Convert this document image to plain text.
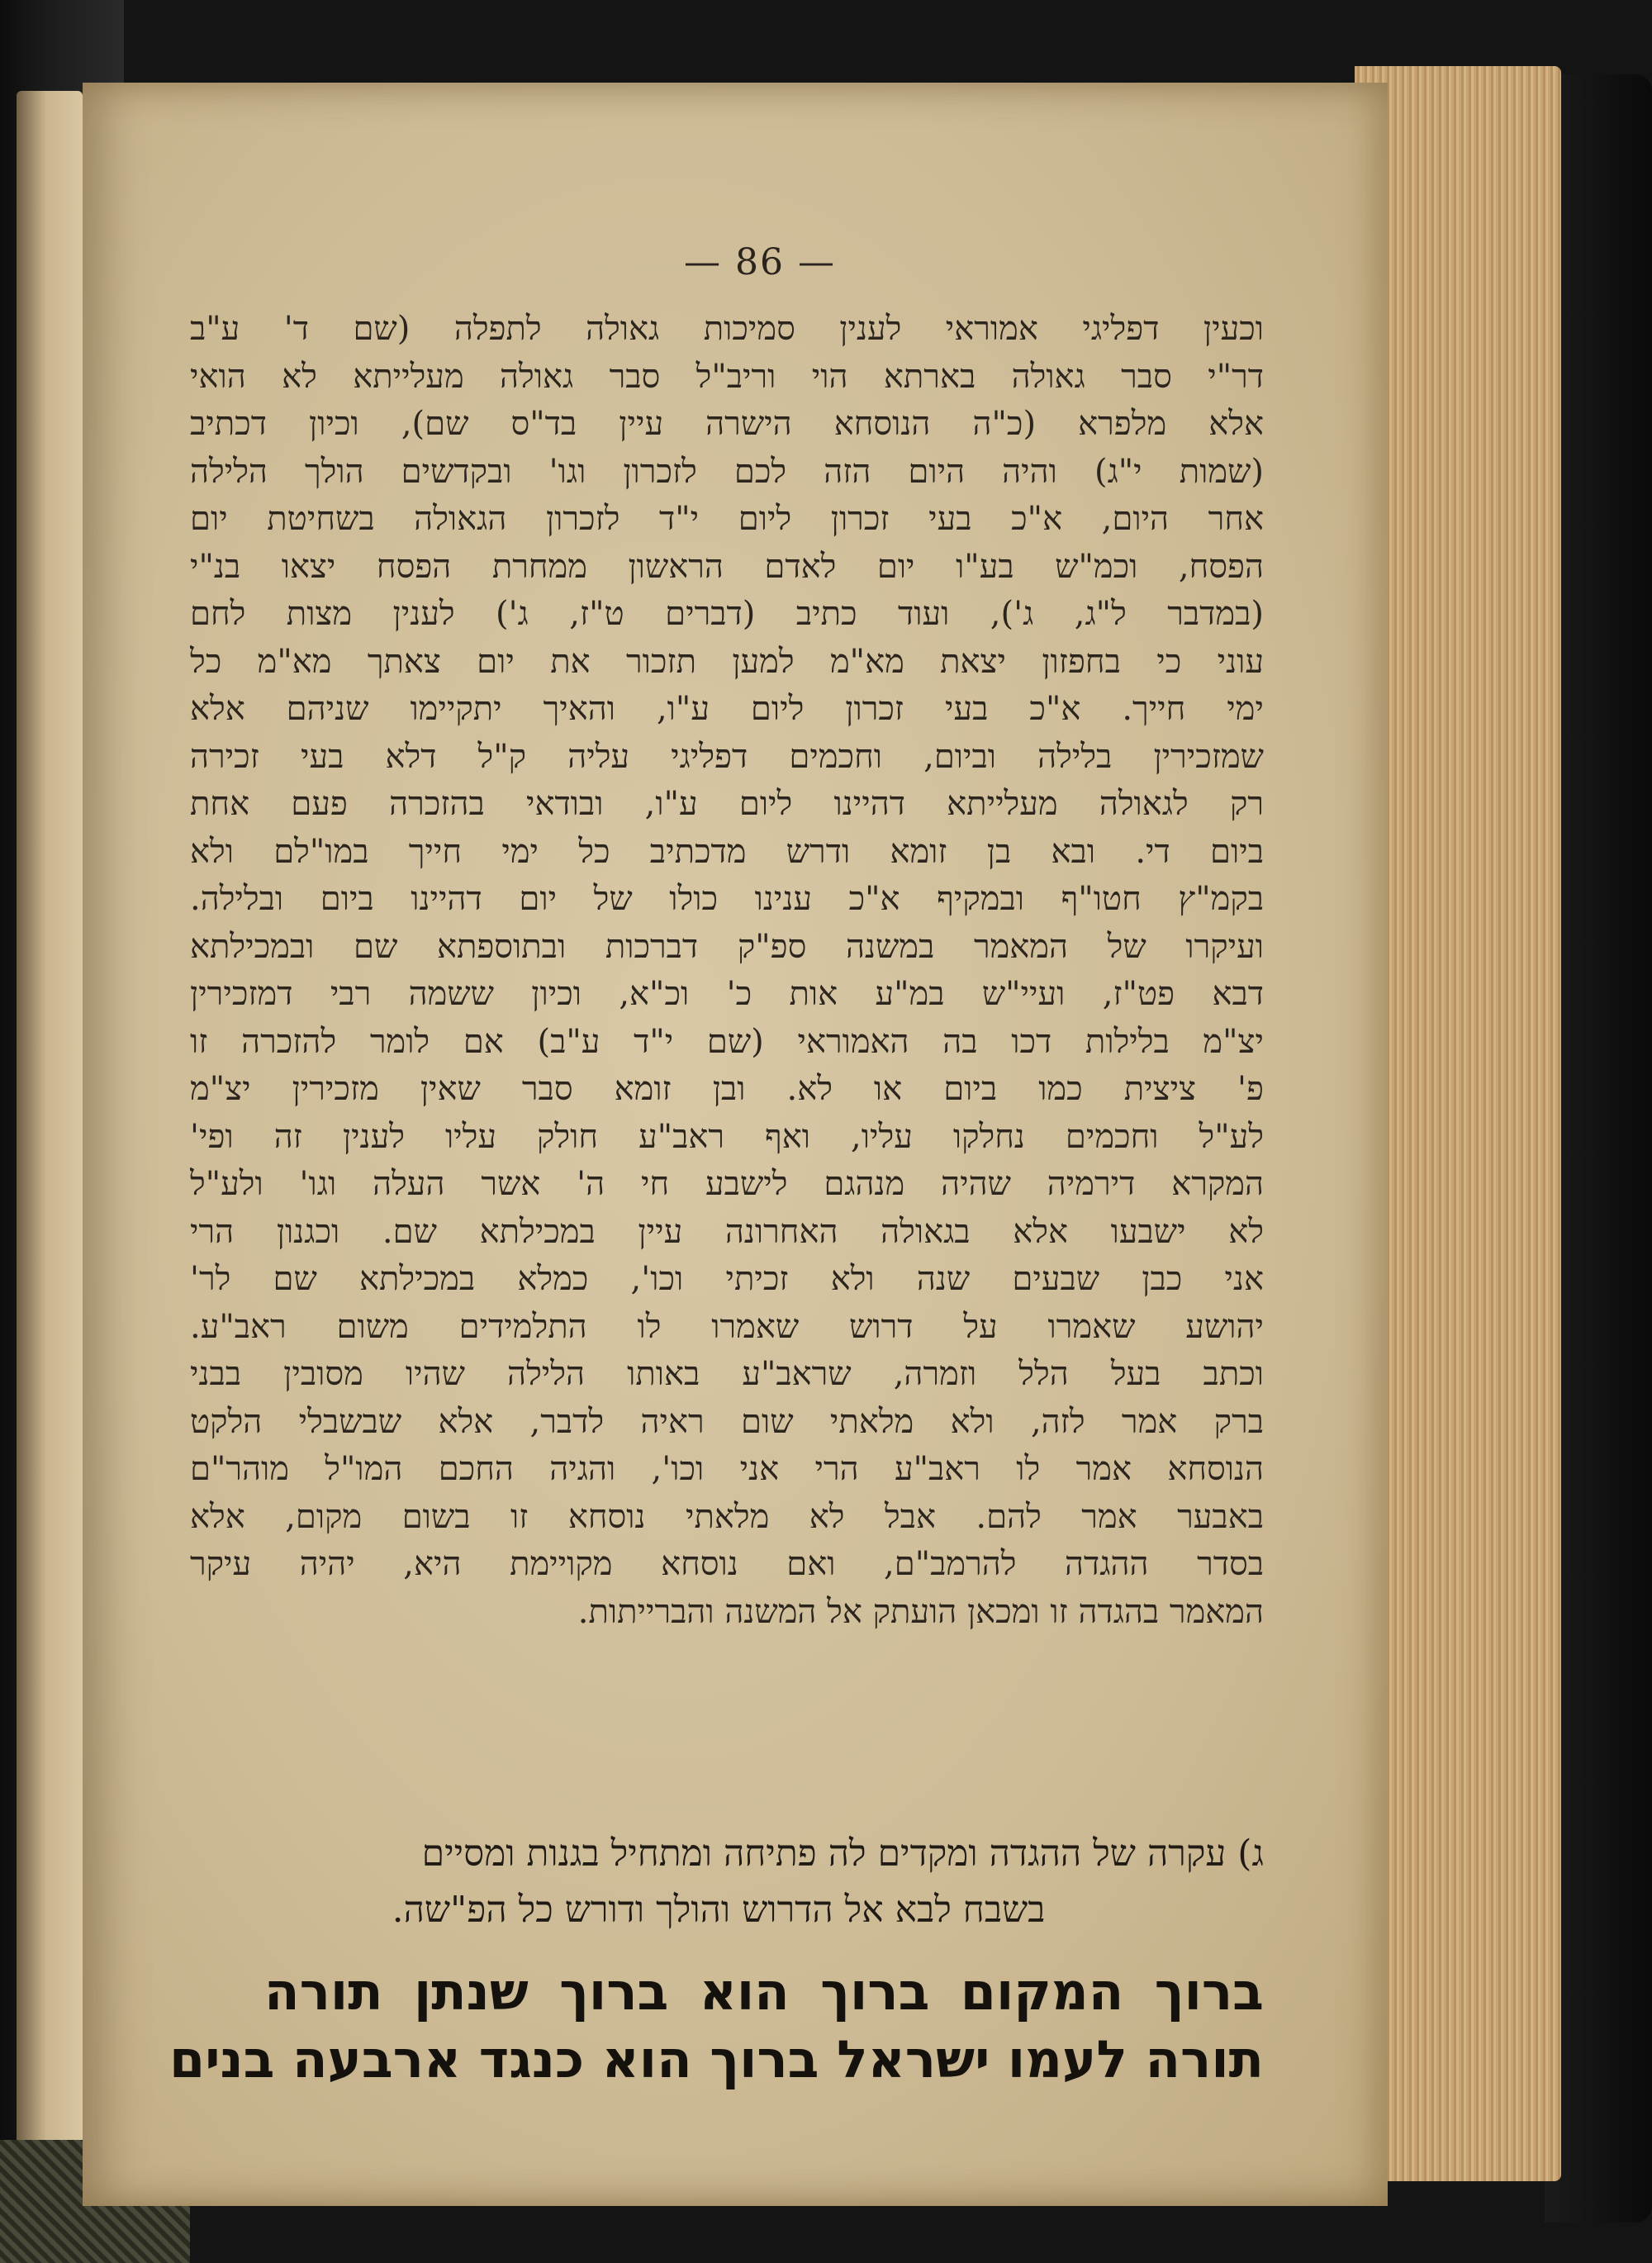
— 86 —
וכעין דפליגי אמוראי לענין סמיכות גאולה לתפלה (שם ד' ע"ב
דר"י סבר גאולה בארתא הוי וריב"ל סבר גאולה מעלייתא לא הואי
אלא מלפרא (כ"ה הנוסחא הישרה עיין בד"ס שם), וכיון דכתיב
(שמות י"ג) והיה היום הזה לכם לזכרון וגו' ובקדשים הולך הלילה
אחר היום, א"כ בעי זכרון ליום י"ד לזכרון הגאולה בשחיטת יום
הפסח, וכמ"ש בע"ו יום לאדם הראשון ממחרת הפסח יצאו בנ"י
(במדבר ל"ג, ג'), ועוד כתיב (דברים ט"ז, ג') לענין מצות לחם
עוני כי בחפזון יצאת מא"מ למען תזכור את יום צאתך מא"מ כל
ימי חייך. א"כ בעי זכרון ליום ע"ו, והאיך יתקיימו שניהם אלא
שמזכירין בלילה וביום, וחכמים דפליגי עליה ק"ל דלא בעי זכירה
רק לגאולה מעלייתא דהיינו ליום ע"ו, ובודאי בהזכרה פעם אחת
ביום די. ובא בן זומא ודרש מדכתיב כל ימי חייך במו"לם ולא
בקמ"ץ חטו"ף ובמקיף א"כ ענינו כולו של יום דהיינו ביום ובלילה.
ועיקרו של המאמר במשנה ספ"ק דברכות ובתוספתא שם ובמכילתא
דבא פט"ז, ועיי"ש במ"ע אות כ' וכ"א, וכיון ששמה רבי דמזכירין
יצ"מ בלילות דכו בה האמוראי (שם י"ד ע"ב) אם לומר להזכרה זו
פ' ציצית כמו ביום או לא. ובן זומא סבר שאין מזכירין יצ"מ
לע"ל וחכמים נחלקו עליו, ואף ראב"ע חולק עליו לענין זה ופי'
המקרא דירמיה שהיה מנהגם לישבע חי ה' אשר העלה וגו' ולע"ל
לא ישבעו אלא בגאולה האחרונה עיין במכילתא שם. וכגנון הרי
אני כבן שבעים שנה ולא זכיתי וכו', כמלא במכילתא שם לר'
יהושע שאמרו על דרוש שאמרו לו התלמידים משום ראב"ע.
וכתב בעל הלל וזמרה, שראב"ע באותו הלילה שהיו מסובין בבני
ברק אמר לזה, ולא מלאתי שום ראיה לדבר, אלא שבשבלי הלקט
הנוסחא אמר לו ראב"ע הרי אני וכו', והגיה החכם המו"ל מוהר"ם
באבער אמר להם. אבל לא מלאתי נוסחא זו בשום מקום, אלא
בסדר ההגדה להרמב"ם, ואם נוסחא מקויימת היא, יהיה עיקר
המאמר בהגדה זו ומכאן הועתק אל המשנה והברייתות.
ג) עקרה של ההגדה ומקדים לה פתיחה ומתחיל בגנות ומסיים
בשבח לבא אל הדרוש והולך ודורש כל הפ"שה.
ברוך המקום ברוך הוא ברוך שנתן תורה
תורה לעמו ישראל ברוך הוא כנגד ארבעה בנים
